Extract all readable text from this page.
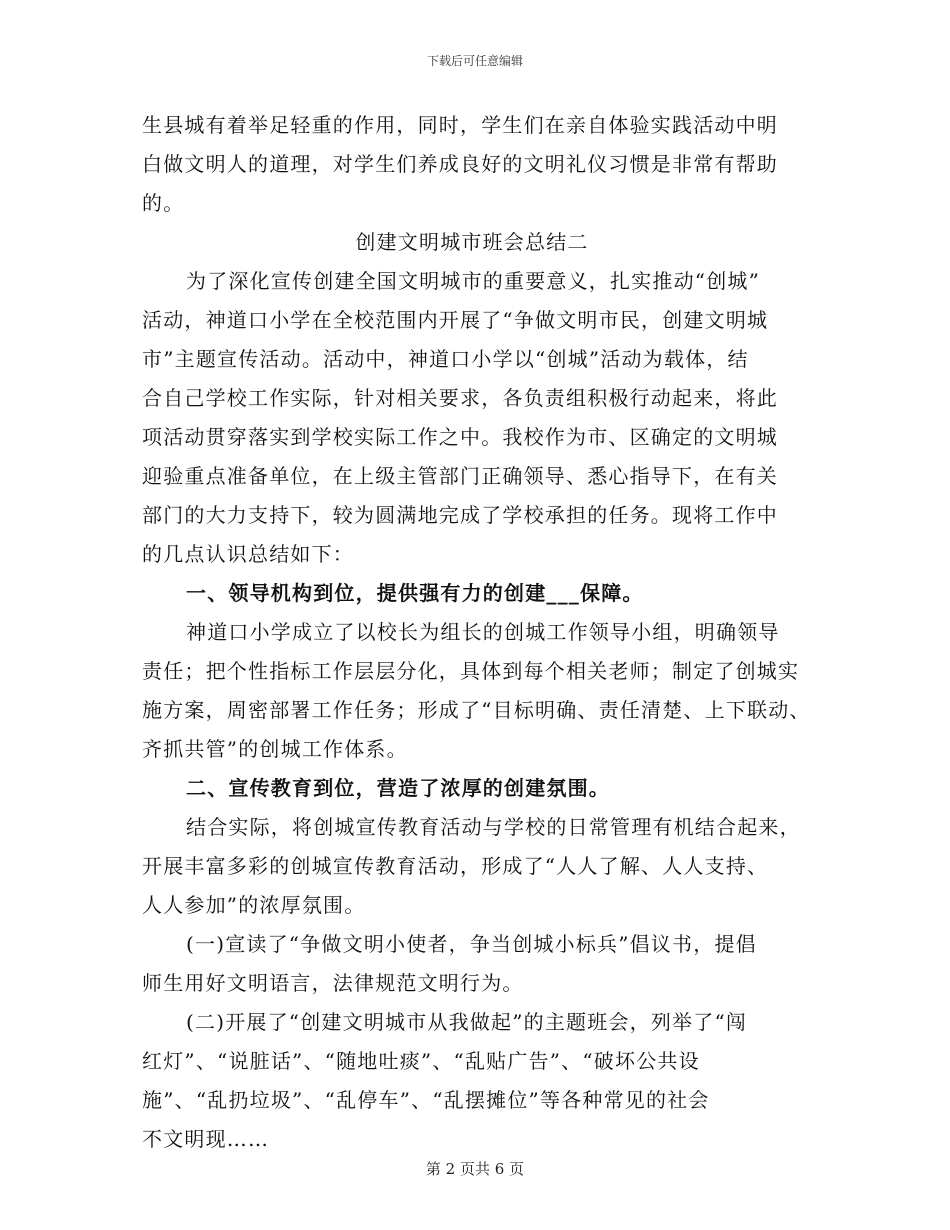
下载后可任意编辑
生县城有着举足轻重的作用，同时，学生们在亲自体验实践活动中明
白做文明人的道理，对学生们养成良好的文明礼仪习惯是非常有帮助
的。
创建文明城市班会总结二
为了深化宣传创建全国文明城市的重要意义，扎实推动“创城”
活动，神道口小学在全校范围内开展了“争做文明市民，创建文明城
市”主题宣传活动。活动中，神道口小学以“创城”活动为载体，结
合自己学校工作实际，针对相关要求，各负责组积极行动起来，将此
项活动贯穿落实到学校实际工作之中。我校作为市、区确定的文明城
迎验重点准备单位，在上级主管部门正确领导、悉心指导下，在有关
部门的大力支持下，较为圆满地完成了学校承担的任务。现将工作中
的几点认识总结如下：
一、领导机构到位，提供强有力的创建___保障。
神道口小学成立了以校长为组长的创城工作领导小组，明确领导
责任；把个性指标工作层层分化，具体到每个相关老师；制定了创城实
施方案，周密部署工作任务；形成了“目标明确、责任清楚、上下联动、
齐抓共管”的创城工作体系。
二、宣传教育到位，营造了浓厚的创建氛围。
结合实际，将创城宣传教育活动与学校的日常管理有机结合起来，
开展丰富多彩的创城宣传教育活动，形成了“人人了解、人人支持、
人人参加”的浓厚氛围。
(一)宣读了“争做文明小使者，争当创城小标兵”倡议书，提倡
师生用好文明语言，法律规范文明行为。
(二)开展了“创建文明城市从我做起”的主题班会，列举了“闯
红灯”、“说脏话”、“随地吐痰”、“乱贴广告”、“破坏公共设
施”、“乱扔垃圾”、“乱停车”、“乱摆摊位”等各种常见的社会
不文明现……
第 2 页共 6 页
